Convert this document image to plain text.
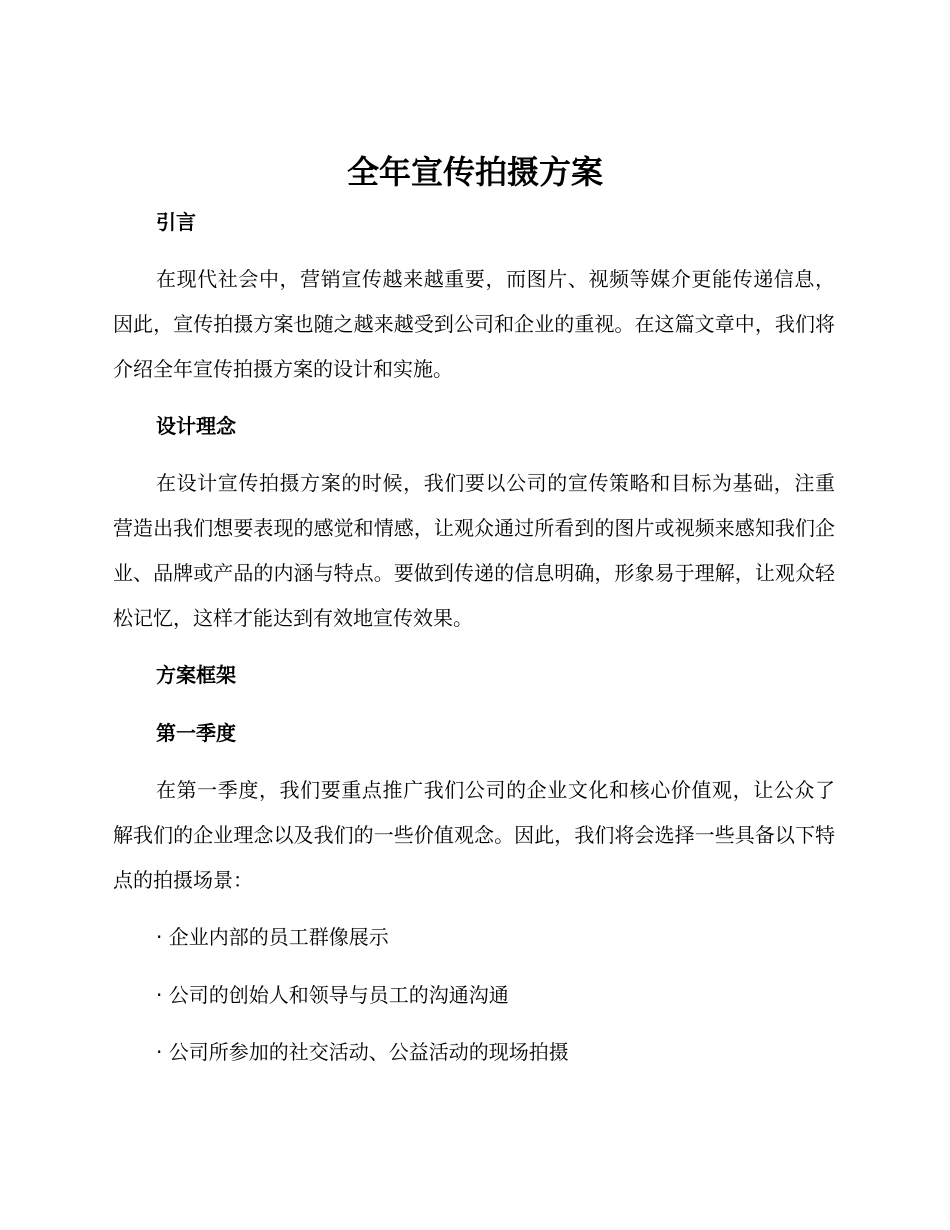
全年宣传拍摄方案
引言

在现代社会中，营销宣传越来越重要，而图片、视频等媒介更能传递信息，因此，宣传拍摄方案也随之越来越受到公司和企业的重视。在这篇文章中，我们将介绍全年宣传拍摄方案的设计和实施。

设计理念

在设计宣传拍摄方案的时候，我们要以公司的宣传策略和目标为基础，注重营造出我们想要表现的感觉和情感，让观众通过所看到的图片或视频来感知我们企业、品牌或产品的内涵与特点。要做到传递的信息明确，形象易于理解，让观众轻松记忆，这样才能达到有效地宣传效果。

方案框架
第一季度

在第一季度，我们要重点推广我们公司的企业文化和核心价值观，让公众了解我们的企业理念以及我们的一些价值观念。因此，我们将会选择一些具备以下特点的拍摄场景：

· 企业内部的员工群像展示

· 公司的创始人和领导与员工的沟通沟通

· 公司所参加的社交活动、公益活动的现场拍摄
